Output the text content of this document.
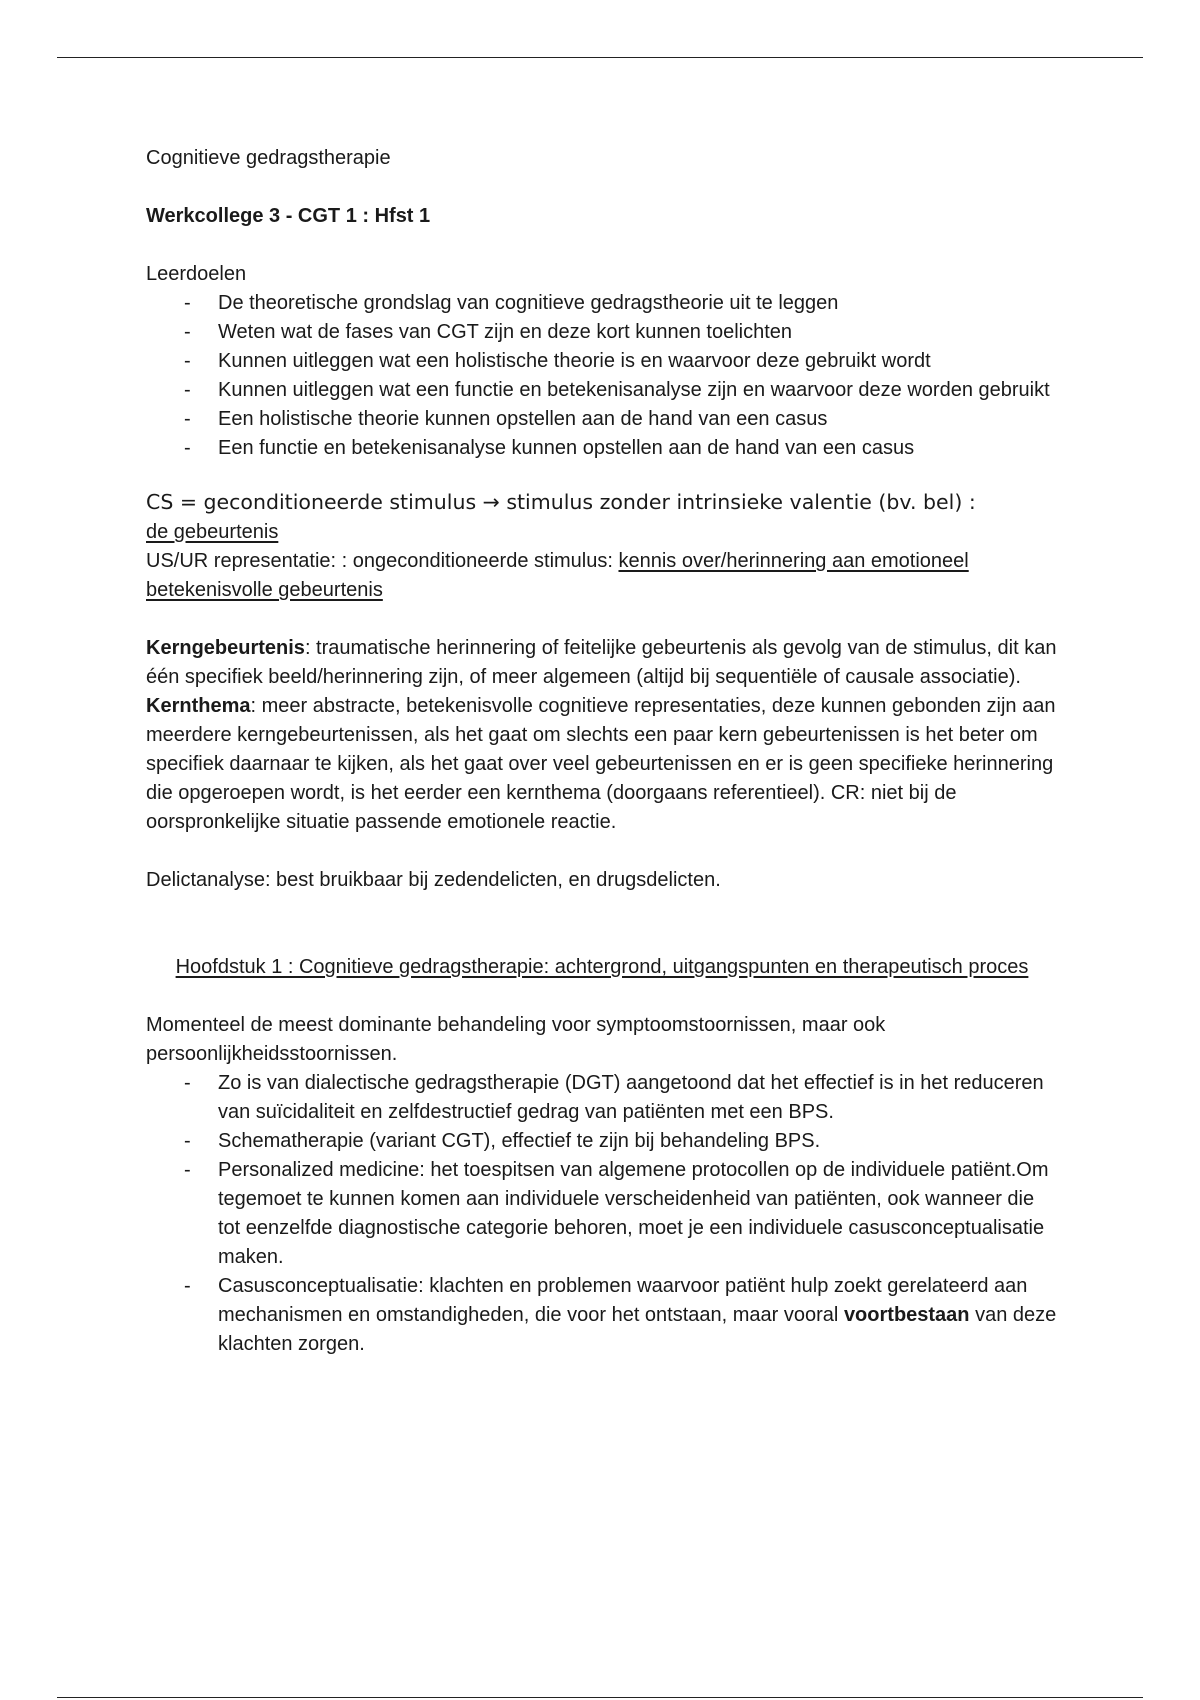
Cognitieve gedragstherapie

Werkcollege 3 - CGT 1 : Hfst 1

Leerdoelen

- De theoretische grondslag van cognitieve gedragstheorie uit te leggen
- Weten wat de fases van CGT zijn en deze kort kunnen toelichten
- Kunnen uitleggen wat een holistische theorie is en waarvoor deze gebruikt wordt
- Kunnen uitleggen wat een functie en betekenisanalyse zijn en waarvoor deze worden gebruikt
- Een holistische theorie kunnen opstellen aan de hand van een casus
- Een functie en betekenisanalyse kunnen opstellen aan de hand van een casus

CS = geconditioneerde stimulus → stimulus zonder intrinsieke valentie (bv. bel) :
de gebeurtenis

US/UR representatie: : ongeconditioneerde stimulus: kennis over/herinnering aan emotioneel betekenisvolle gebeurtenis

Kerngebeurtenis: traumatische herinnering of feitelijke gebeurtenis als gevolg van de stimulus, dit kan één specifiek beeld/herinnering zijn, of meer algemeen (altijd bij sequentiële of causale associatie).

Kernthema: meer abstracte, betekenisvolle cognitieve representaties, deze kunnen gebonden zijn aan meerdere kerngebeurtenissen, als het gaat om slechts een paar kern gebeurtenissen is het beter om specifiek daarnaar te kijken, als het gaat over veel gebeurtenissen en er is geen specifieke herinnering die opgeroepen wordt, is het eerder een kernthema (doorgaans referentieel). CR: niet bij de oorspronkelijke situatie passende emotionele reactie.

Delictanalyse: best bruikbaar bij zedendelicten, en drugsdelicten.

Hoofdstuk 1 : Cognitieve gedragstherapie: achtergrond, uitgangspunten en therapeutisch proces

Momenteel de meest dominante behandeling voor symptoomstoornissen, maar ook persoonlijkheidsstoornissen.

- Zo is van dialectische gedragstherapie (DGT) aangetoond dat het effectief is in het reduceren van suïcidaliteit en zelfdestructief gedrag van patiënten met een BPS.
- Schematherapie (variant CGT), effectief te zijn bij behandeling BPS.
- Personalized medicine: het toespitsen van algemene protocollen op de individuele patiënt.Om tegemoet te kunnen komen aan individuele verscheidenheid van patiënten, ook wanneer die tot eenzelfde diagnostische categorie behoren, moet je een individuele casusconceptualisatie maken.
- Casusconceptualisatie: klachten en problemen waarvoor patiënt hulp zoekt gerelateerd aan mechanismen en omstandigheden, die voor het ontstaan, maar vooral voortbestaan van deze klachten zorgen.
